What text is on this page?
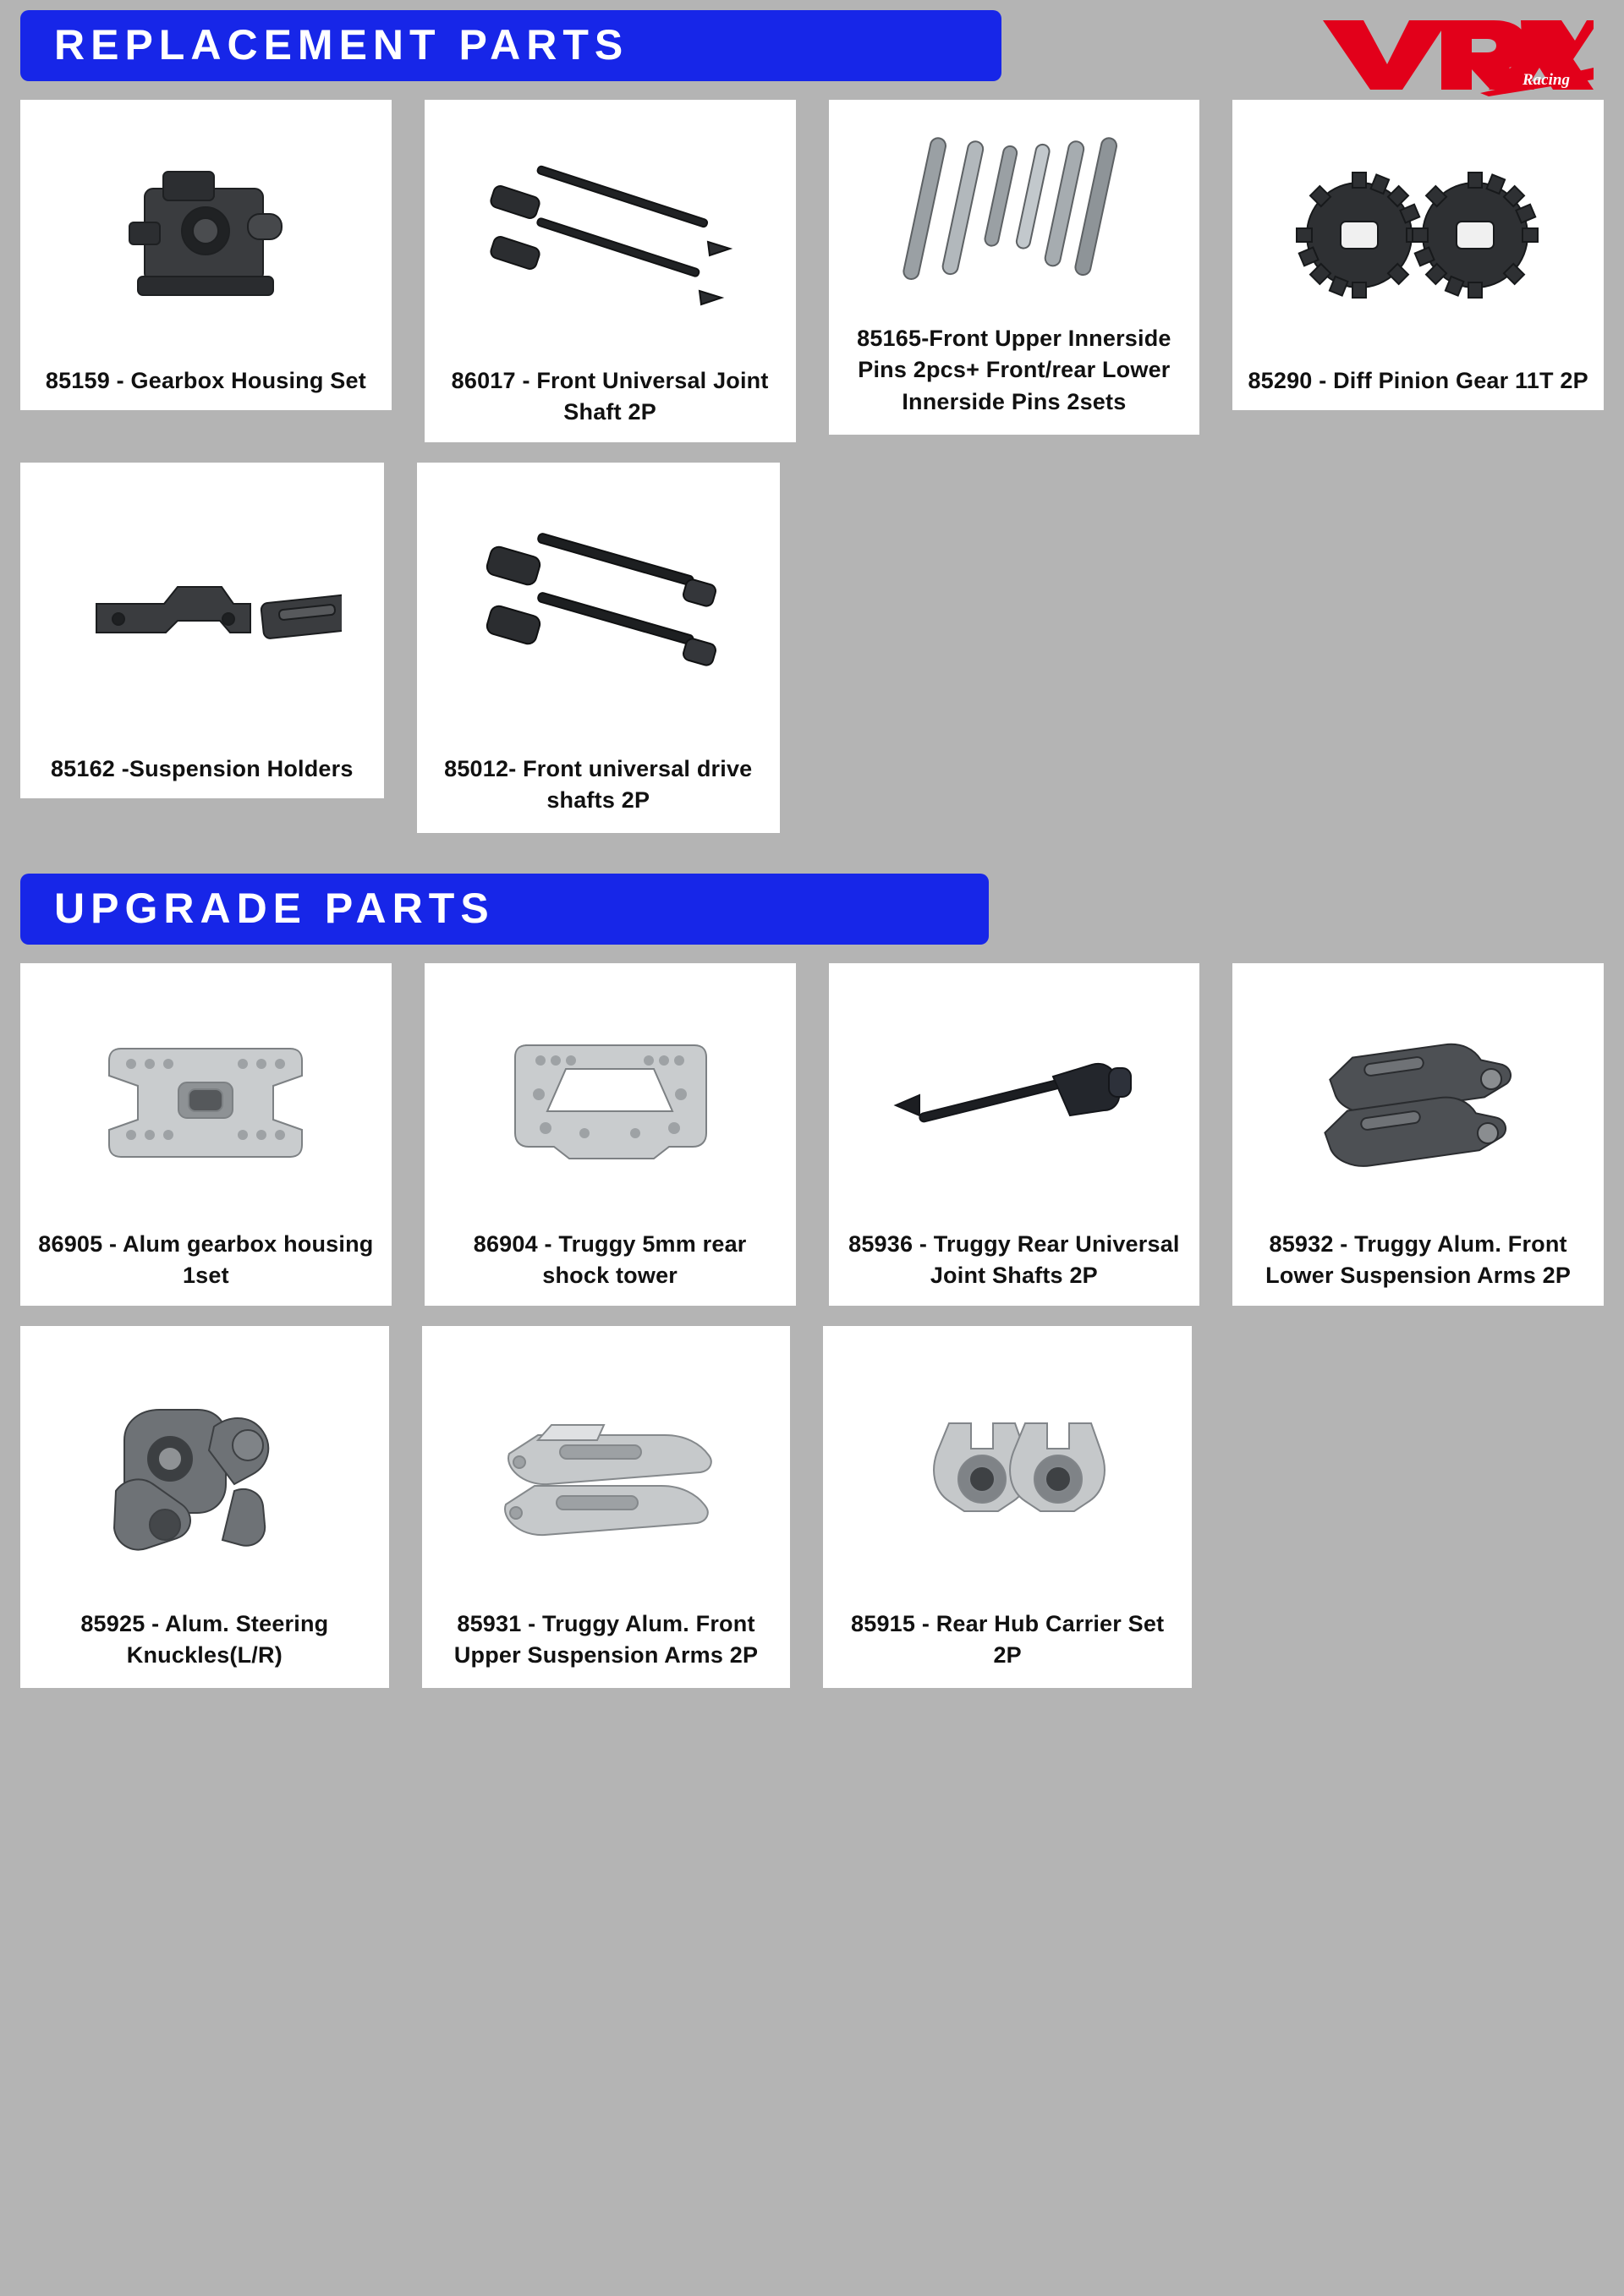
Racing
REPLACEMENT PARTS
85159 - Gearbox Housing Set	86017 - Front Universal Joint Shaft 2P
85165-Front Upper Innerside Pins 2pcs+ Front/rear Lower Innerside Pins 2sets
85290 - Diff Pinion Gear 11T 2P
85162 -Suspension Holders	85012- Front universal drive shafts 2P
UPGRADE PARTS
86905 - Alum gearbox housing 1set
86904 - Truggy 5mm rear shock tower
85936 - Truggy Rear Universal Joint Shafts 2P
85932 - Truggy Alum. Front Lower Suspension Arms 2P
85925 - Alum. Steering Knuckles(L/R)
85931 - Truggy Alum. Front Upper Suspension Arms 2P
85915 - Rear Hub Carrier Set 2P
